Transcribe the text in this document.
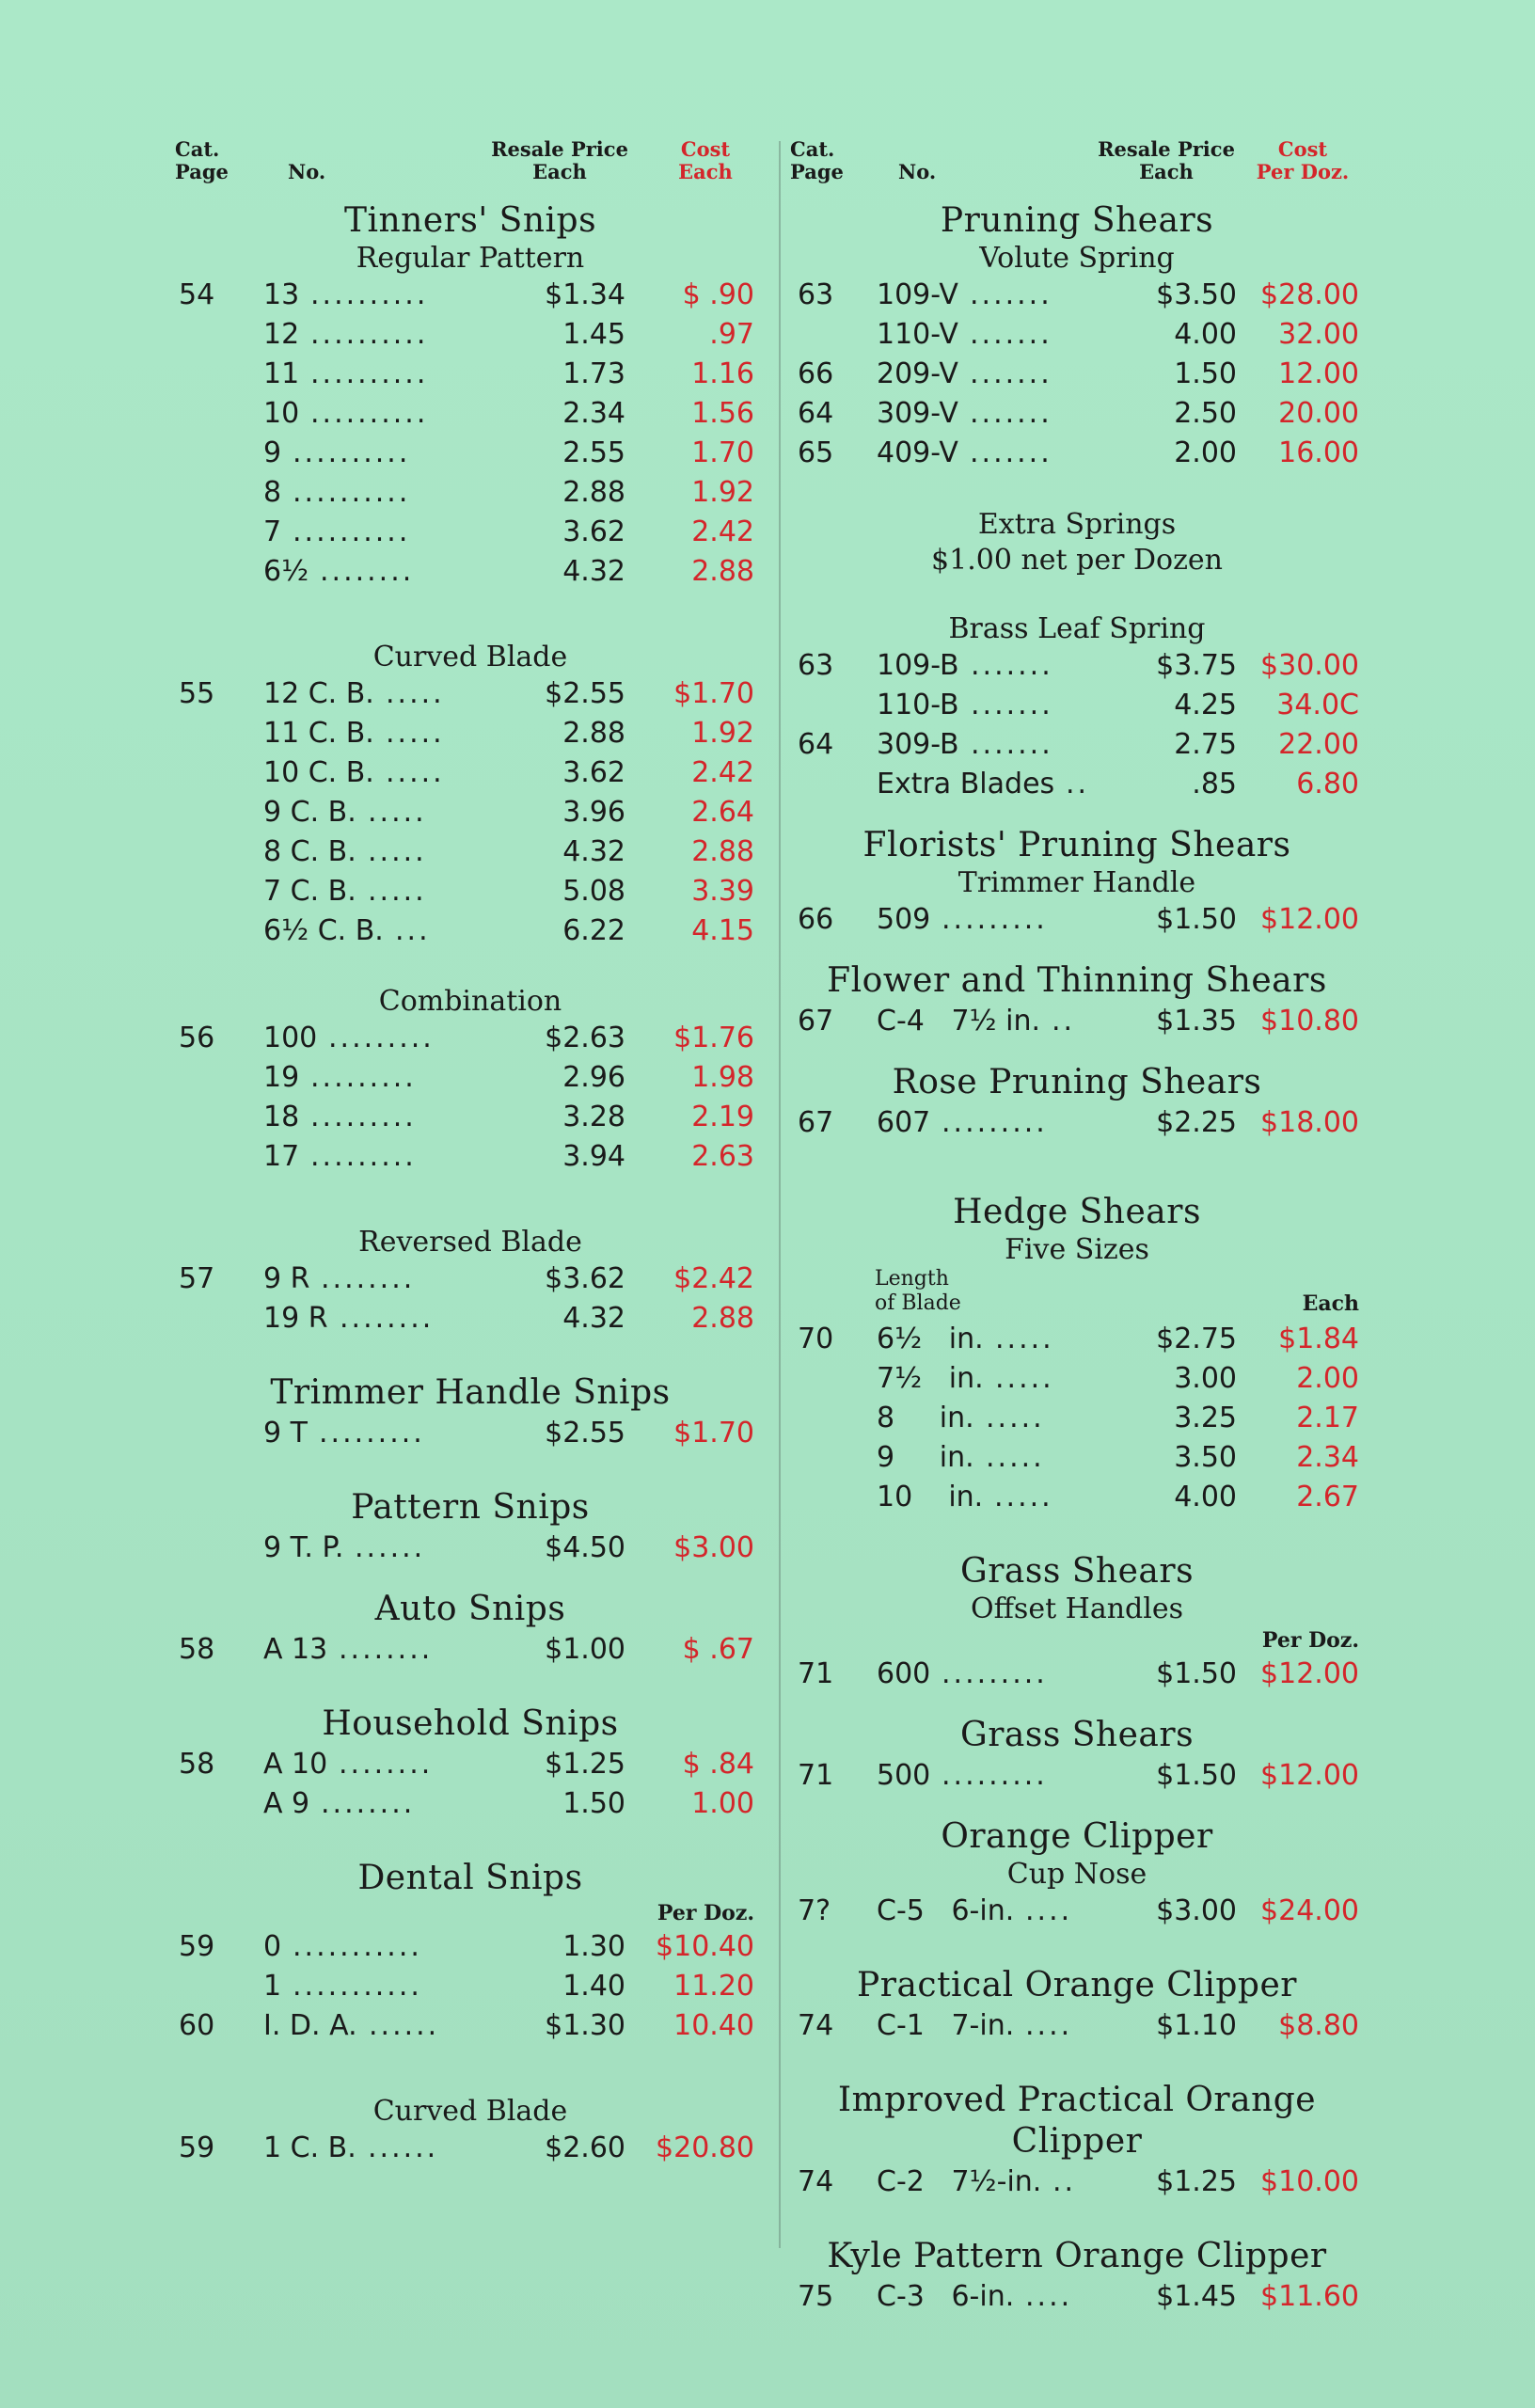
Cat.
Page	No.
Resale Price
Each
Cost
Each
Tinners' Snips
Regular Pattern
54 13 ..........	$1.34 $ .90
12 ..........	1.45	.97
11 ..........	1.73 1.16
10 ..........	2.34 1.56
9 ..........	2.55 1.70
8 ..........	2.88 1.92
7 ..........	3.62 2.42
6½ ........	4.32 2.88
Curved Blade
55 12 C. B. .....	$2.55 $1.70
11 C. B. .....	2.88 1.92
10 C. B. .....	3.62 2.42
9 C. B. .....	3.96 2.64
8 C. B. .....	4.32 2.88
7 C. B. .....	5.08 3.39
6½ C. B. ...	6.22 4.15
Combination
56 100 .........	$2.63 $1.76
19 .........	2.96 1.98
18 .........	3.28 2.19
17 .........	3.94 2.63
Reversed Blade
57 9 R ........	$3.62 $2.42
19 R ........	4.32 2.88
Trimmer Handle Snips
9 T .........	$2.55 $1.70
Pattern Snips
9 T. P. ......	$4.50 $3.00
Auto Snips
58 A 13 ........	$1.00 $ .67
Household Snips
58 A 10 ........	$1.25 $ .84
A 9 ........	1.50 1.00
Dental Snips
Per Doz.
59 0 ...........	1.30 $10.40
1 ...........	1.40 11.20
60 I. D. A. ......	$1.30 10.40
Curved Blade
59 1 C. B. ......	$2.60 $20.80
Cat.
Page	No.
Resale Price
Each
Cost
Per Doz.
Pruning Shears
Volute Spring
63 109-V .......	$3.50 $28.00
110-V .......	4.00 32.00
66 209-V .......	1.50 12.00
64 309-V .......	2.50 20.00
65 409-V .......	2.00 16.00
Extra Springs
$1.00 net per Dozen
Brass Leaf Spring
63 109-B .......	$3.75 $30.00
110-B .......	4.25 34.0C
64 309-B .......	2.75 22.00
Extra Blades ..	.85 6.80
Florists' Pruning Shears
Trimmer Handle
66 509 .........	$1.50 $12.00
Flower and Thinning Shears
67 C-4   7½ in. ..	$1.35 $10.80
Rose Pruning Shears
67 607 .........	$2.25 $18.00
Hedge Shears
Five Sizes
Length
of Blade	Each
70 6½   in. .....	$2.75 $1.84
7½   in. .....	3.00 2.00
8     in. .....	3.25 2.17
9     in. .....	3.50 2.34
10    in. .....	4.00 2.67
Grass Shears
Offset Handles
Per Doz.
71 600 .........	$1.50 $12.00
Grass Shears
71 500 .........	$1.50 $12.00
Orange Clipper
Cup Nose
7? C-5   6-in. ....	$3.00 $24.00
Practical Orange Clipper
74 C-1   7-in. ....	$1.10 $8.80
Improved Practical Orange
Clipper
74 C-2   7½-in. ..	$1.25 $10.00
Kyle Pattern Orange Clipper
75 C-3   6-in. ....	$1.45 $11.60
